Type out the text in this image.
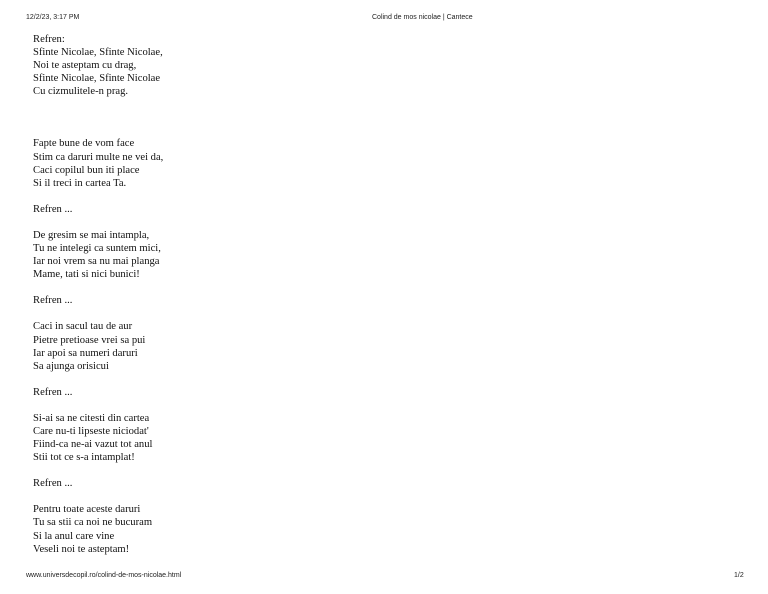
12/2/23, 3:17 PM	Colind de mos nicolae | Cantece
Refren:
Sfinte Nicolae, Sfinte Nicolae,
Noi te asteptam cu drag,
Sfinte Nicolae, Sfinte Nicolae
Cu cizmulitele-n prag.
Fapte bune de vom face
Stim ca daruri multe ne vei da,
Caci copilul bun iti place
Si il treci in cartea Ta.
Refren ...
De gresim se mai intampla,
Tu ne intelegi ca suntem mici,
Iar noi vrem sa nu mai planga
Mame, tati si nici bunici!
Refren ...
Caci in sacul tau de aur
Pietre pretioase vrei sa pui
Iar apoi sa numeri daruri
Sa ajunga orisicui
Refren ...
Si-ai sa ne citesti din cartea
Care nu-ti lipseste niciodat'
Fiind-ca ne-ai vazut tot anul
Stii tot ce s-a intamplat!
Refren ...
Pentru toate aceste daruri
Tu sa stii ca noi ne bucuram
Si la anul care vine
Veseli noi te asteptam!
www.universdecopil.ro/colind-de-mos-nicolae.html	1/2
